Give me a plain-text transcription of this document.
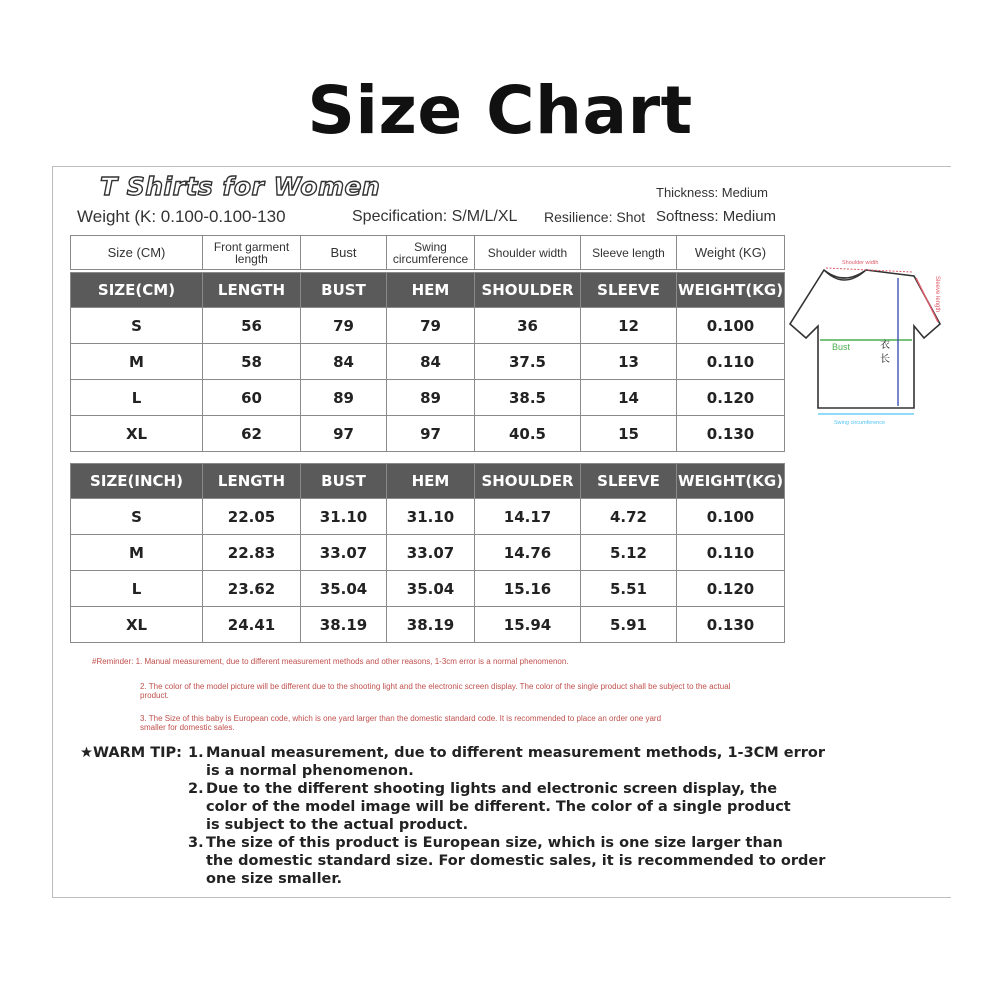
Size Chart
T Shirts for Women	Thickness: Medium
Weight (K: 0.100-0.100-130	Specification: S/M/L/XL Resilience: Shot Softness: Medium
Size (CM)	Front garment length	Bust	Swing circumference	Shoulder width	Sleeve length	Weight (KG)
SIZE(CM)	LENGTH	BUST	HEM	SHOULDER	SLEEVE	WEIGHT(KG)
S	56	79	79	36	12	0.100
M	58	84	84	37.5	13	0.110
L	60	89	89	38.5	14	0.120
XL	62	97	97	40.5	15	0.130
SIZE(INCH)	LENGTH	BUST	HEM	SHOULDER	SLEEVE	WEIGHT(KG)
S	22.05	31.10	31.10	14.17	4.72	0.100
M	22.83	33.07	33.07	14.76	5.12	0.110
L	23.62	35.04	35.04	15.16	5.51	0.120
XL	24.41	38.19	38.19	15.94	5.91	0.130
Shoulder width
Sleeve length
Bust	衣
长
Swing circumference
#Reminder: 1. Manual measurement, due to different measurement methods and other reasons, 1-3cm error is a normal phenomenon.
2. The color of the model picture will be different due to the shooting light and the electronic screen display. The color of the single product shall be subject to the actual product.
3. The Size of this baby is European code, which is one yard larger than the domestic standard code. It is recommended to place an order one yard smaller for domestic sales.
★WARM TIP: 1. Manual measurement, due to different measurement methods, 1-3CM error
is a normal phenomenon.
2. Due to the different shooting lights and electronic screen display, the
color of the model image will be different. The color of a single product
is subject to the actual product.
3. The size of this product is European size, which is one size larger than
the domestic standard size. For domestic sales, it is recommended to order
one size smaller.
